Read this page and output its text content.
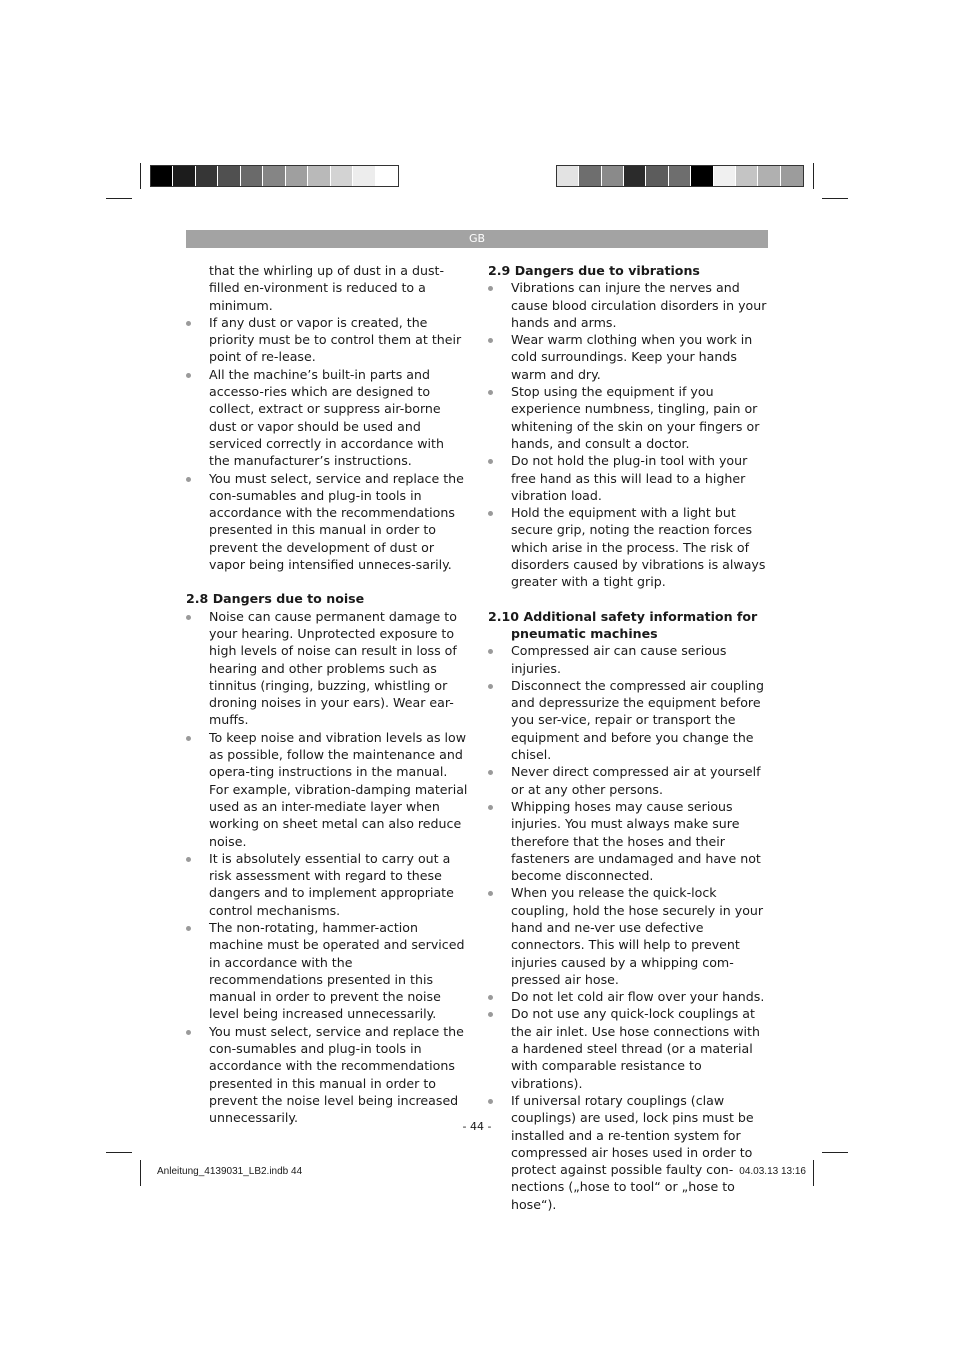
GB

that the whirling up of dust in a dust- filled en-vironment is reduced to a minimum.

If any dust or vapor is created, the priority must be to control them at their point of re-lease.
All the machine’s built-in parts and accesso-ries which are designed to collect, extract or suppress air-borne dust or vapor should be used and serviced correctly in accordance with the manufacturer’s instructions.
You must select, service and replace the con-sumables and plug-in tools in accordance with the recommendations presented in this manual in order to prevent the development of dust or vapor being intensified unneces-sarily.

2.8 Dangers due to noise

Noise can cause permanent damage to your hearing. Unprotected exposure to high levels of noise can result in loss of hearing and other problems such as tinnitus (ringing, buzzing, whistling or droning noises in your ears). Wear ear-muffs.
To keep noise and vibration levels as low as possible, follow the maintenance and opera-ting instructions in the manual. For example, vibration-damping material used as an inter-mediate layer when working on sheet metal can also reduce noise.
It is absolutely essential to carry out a risk assessment with regard to these dangers and to implement appropriate control mechanisms.
The non-rotating, hammer-action machine must be operated and serviced in accordance with the recommendations presented in this manual in order to prevent the noise level being increased unnecessarily.
You must select, service and replace the con-sumables and plug-in tools in accordance with the recommendations presented in this manual in order to prevent the noise level being increased unnecessarily.

2.9 Dangers due to vibrations

Vibrations can injure the nerves and cause blood circulation disorders in your hands and arms.
Wear warm clothing when you work in cold surroundings. Keep your hands warm and dry.
Stop using the equipment if you experience numbness, tingling, pain or whitening of the skin on your fingers or hands, and consult a doctor.
Do not hold the plug-in tool with your free hand as this will lead to a higher vibration load.
Hold the equipment with a light but secure grip, noting the reaction forces which arise in the process. The risk of disorders caused by vibrations is always greater with a tight grip.

2.10 Additional safety information for pneumatic machines

Compressed air can cause serious injuries.
Disconnect the compressed air coupling and depressurize the equipment before you ser-vice, repair or transport the equipment and before you change the chisel.
Never direct compressed air at yourself or at any other persons.
Whipping hoses may cause serious injuries. You must always make sure therefore that the hoses and their fasteners are undamaged and have not become disconnected.
When you release the quick-lock coupling, hold the hose securely in your hand and ne-ver use defective connectors. This will help to prevent injuries caused by a whipping com-pressed air hose.
Do not let cold air flow over your hands.
Do not use any quick-lock couplings at the air inlet. Use hose connections with a hardened steel thread (or a material with comparable resistance to vibrations).
If universal rotary couplings (claw couplings) are used, lock pins must be installed and a re-tention system for compressed air hoses used in order to protect against possible faulty con-nections („hose to tool“ or „hose to hose“).
- 44 -
Anleitung_4139031_LB2.indb 44	04.03.13 13:16
